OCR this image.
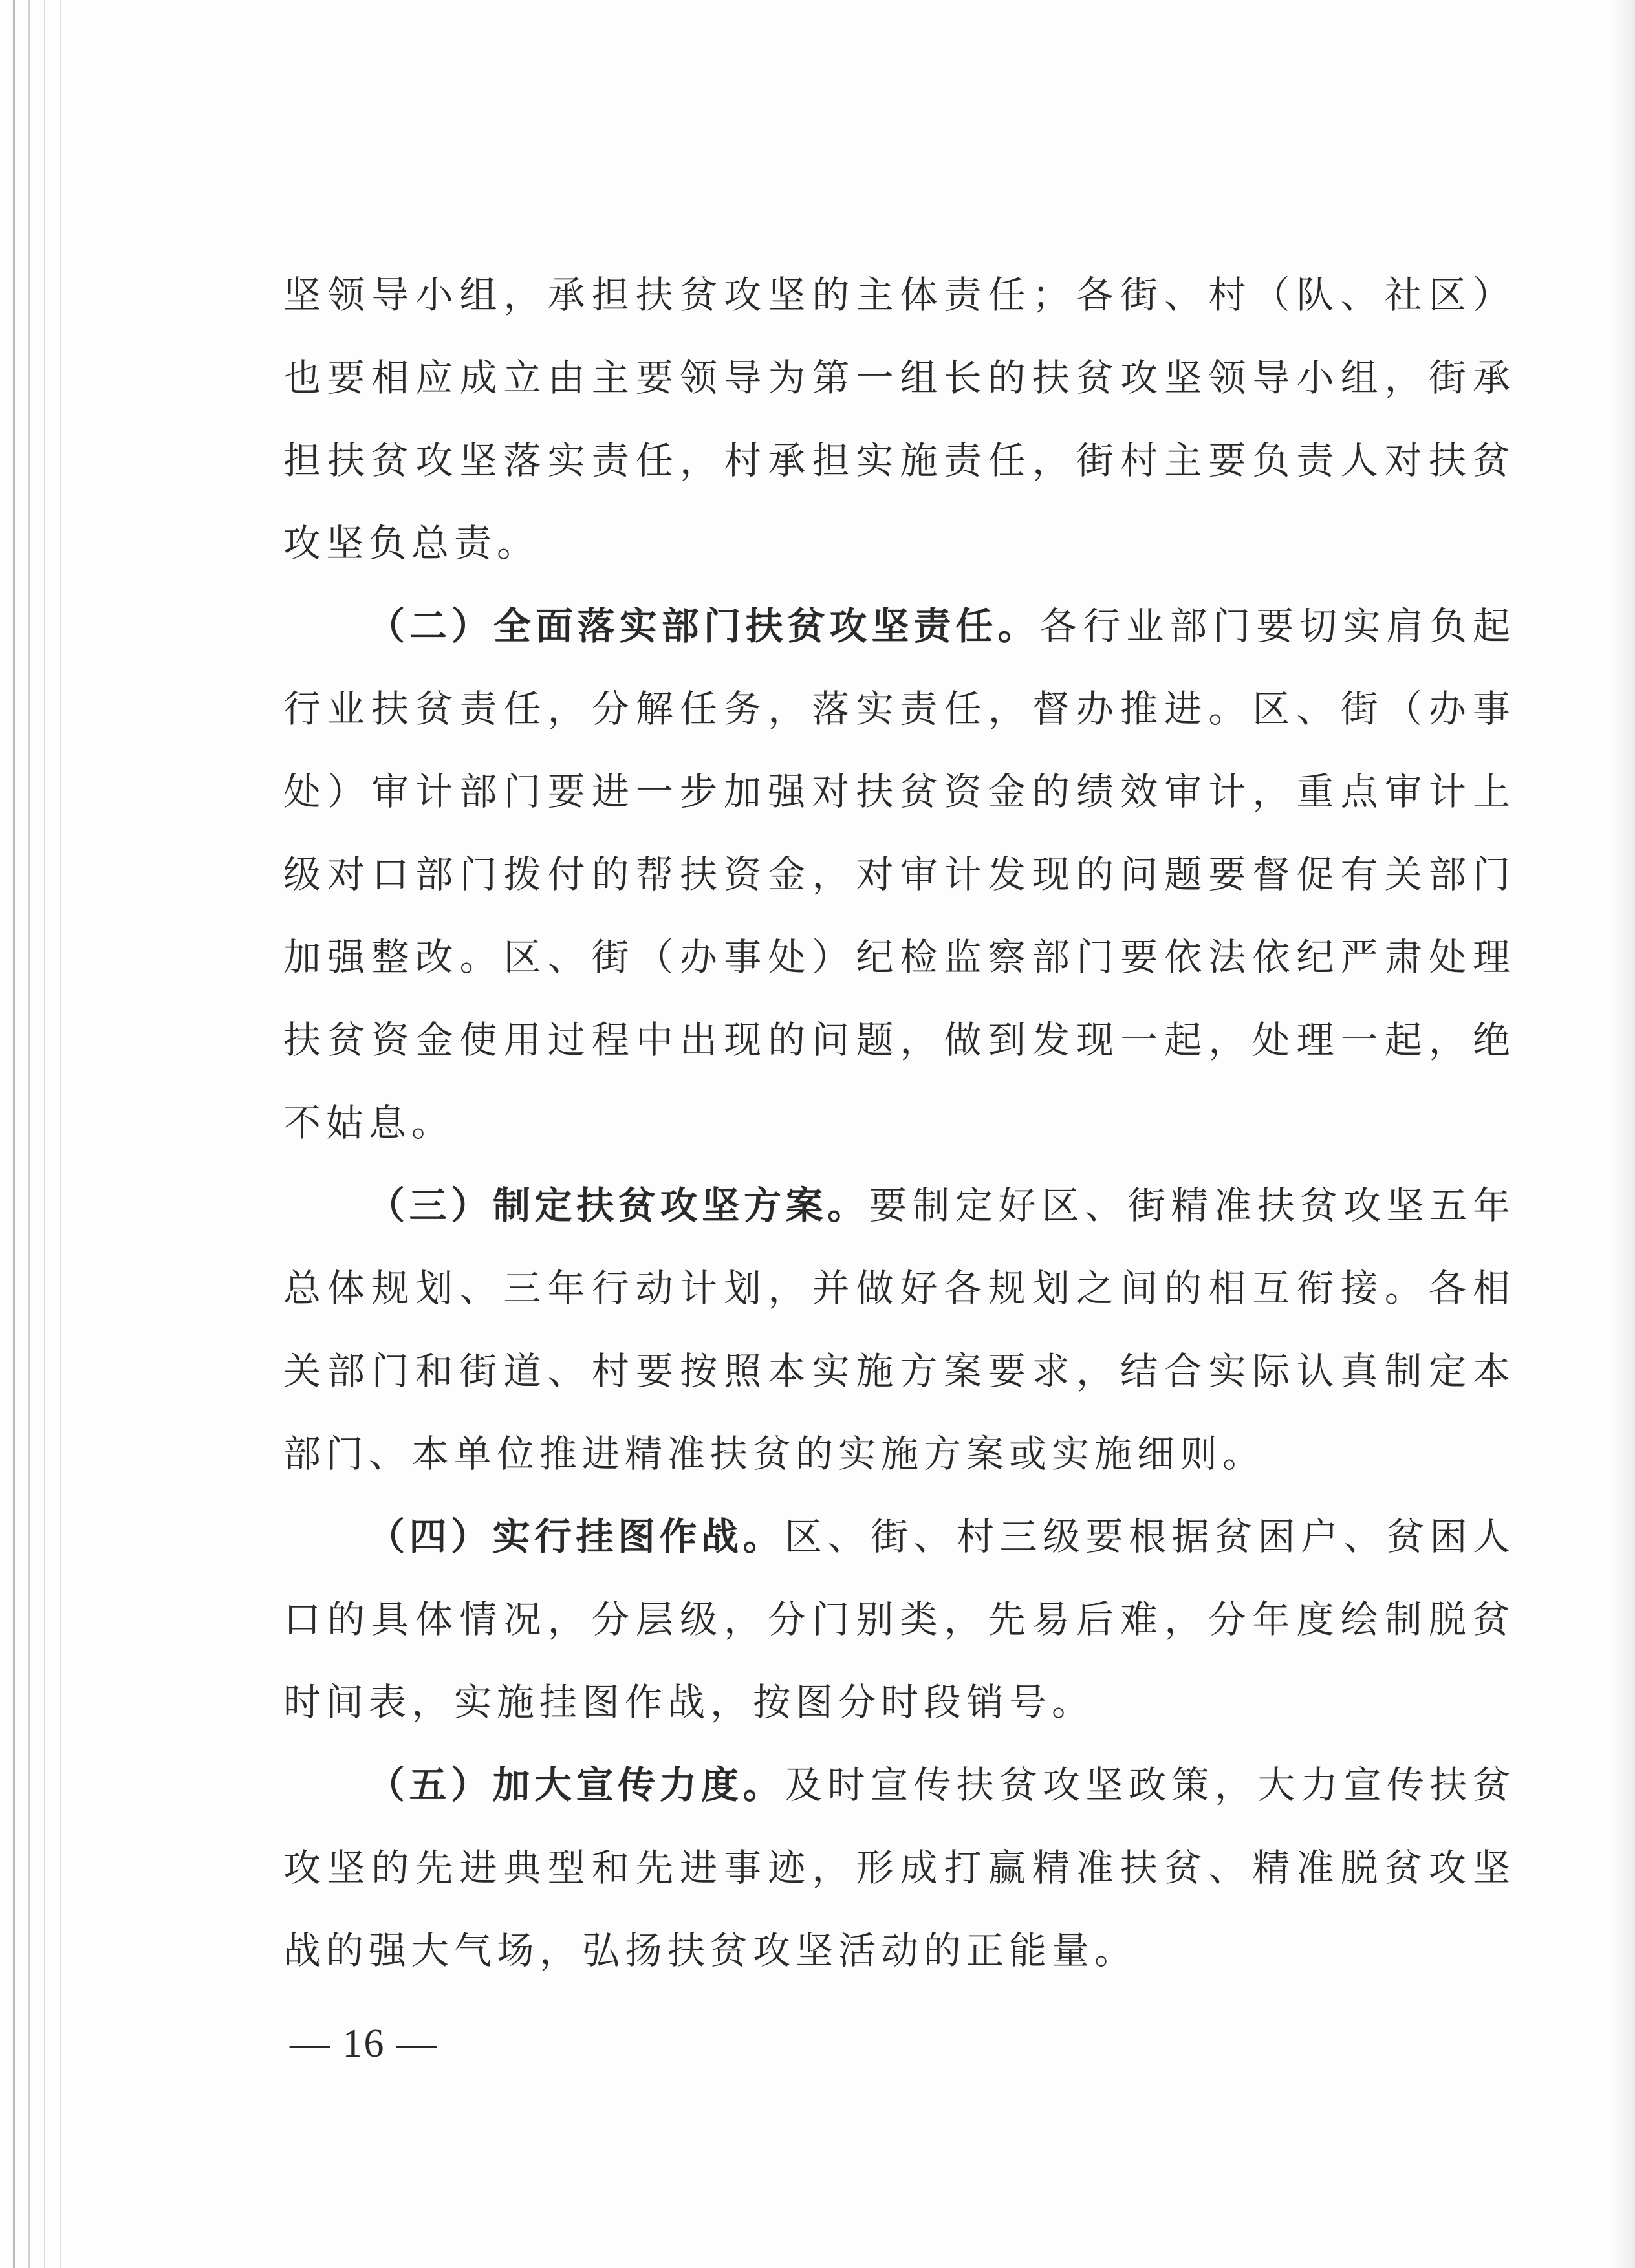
坚领导小组，承担扶贫攻坚的主体责任；各街、村（队、社区）也要相应成立由主要领导为第一组长的扶贫攻坚领导小组，街承担扶贫攻坚落实责任，村承担实施责任，街村主要负责人对扶贫攻坚负总责。

（二）全面落实部门扶贫攻坚责任。各行业部门要切实肩负起行业扶贫责任，分解任务，落实责任，督办推进。区、街（办事处）审计部门要进一步加强对扶贫资金的绩效审计，重点审计上级对口部门拨付的帮扶资金，对审计发现的问题要督促有关部门加强整改。区、街（办事处）纪检监察部门要依法依纪严肃处理扶贫资金使用过程中出现的问题，做到发现一起，处理一起，绝不姑息。

（三）制定扶贫攻坚方案。要制定好区、街精准扶贫攻坚五年总体规划、三年行动计划，并做好各规划之间的相互衔接。各相关部门和街道、村要按照本实施方案要求，结合实际认真制定本部门、本单位推进精准扶贫的实施方案或实施细则。

（四）实行挂图作战。区、街、村三级要根据贫困户、贫困人口的具体情况，分层级，分门别类，先易后难，分年度绘制脱贫时间表，实施挂图作战，按图分时段销号。

（五）加大宣传力度。及时宣传扶贫攻坚政策，大力宣传扶贫攻坚的先进典型和先进事迹，形成打赢精准扶贫、精准脱贫攻坚战的强大气场，弘扬扶贫攻坚活动的正能量。

— 16 —
